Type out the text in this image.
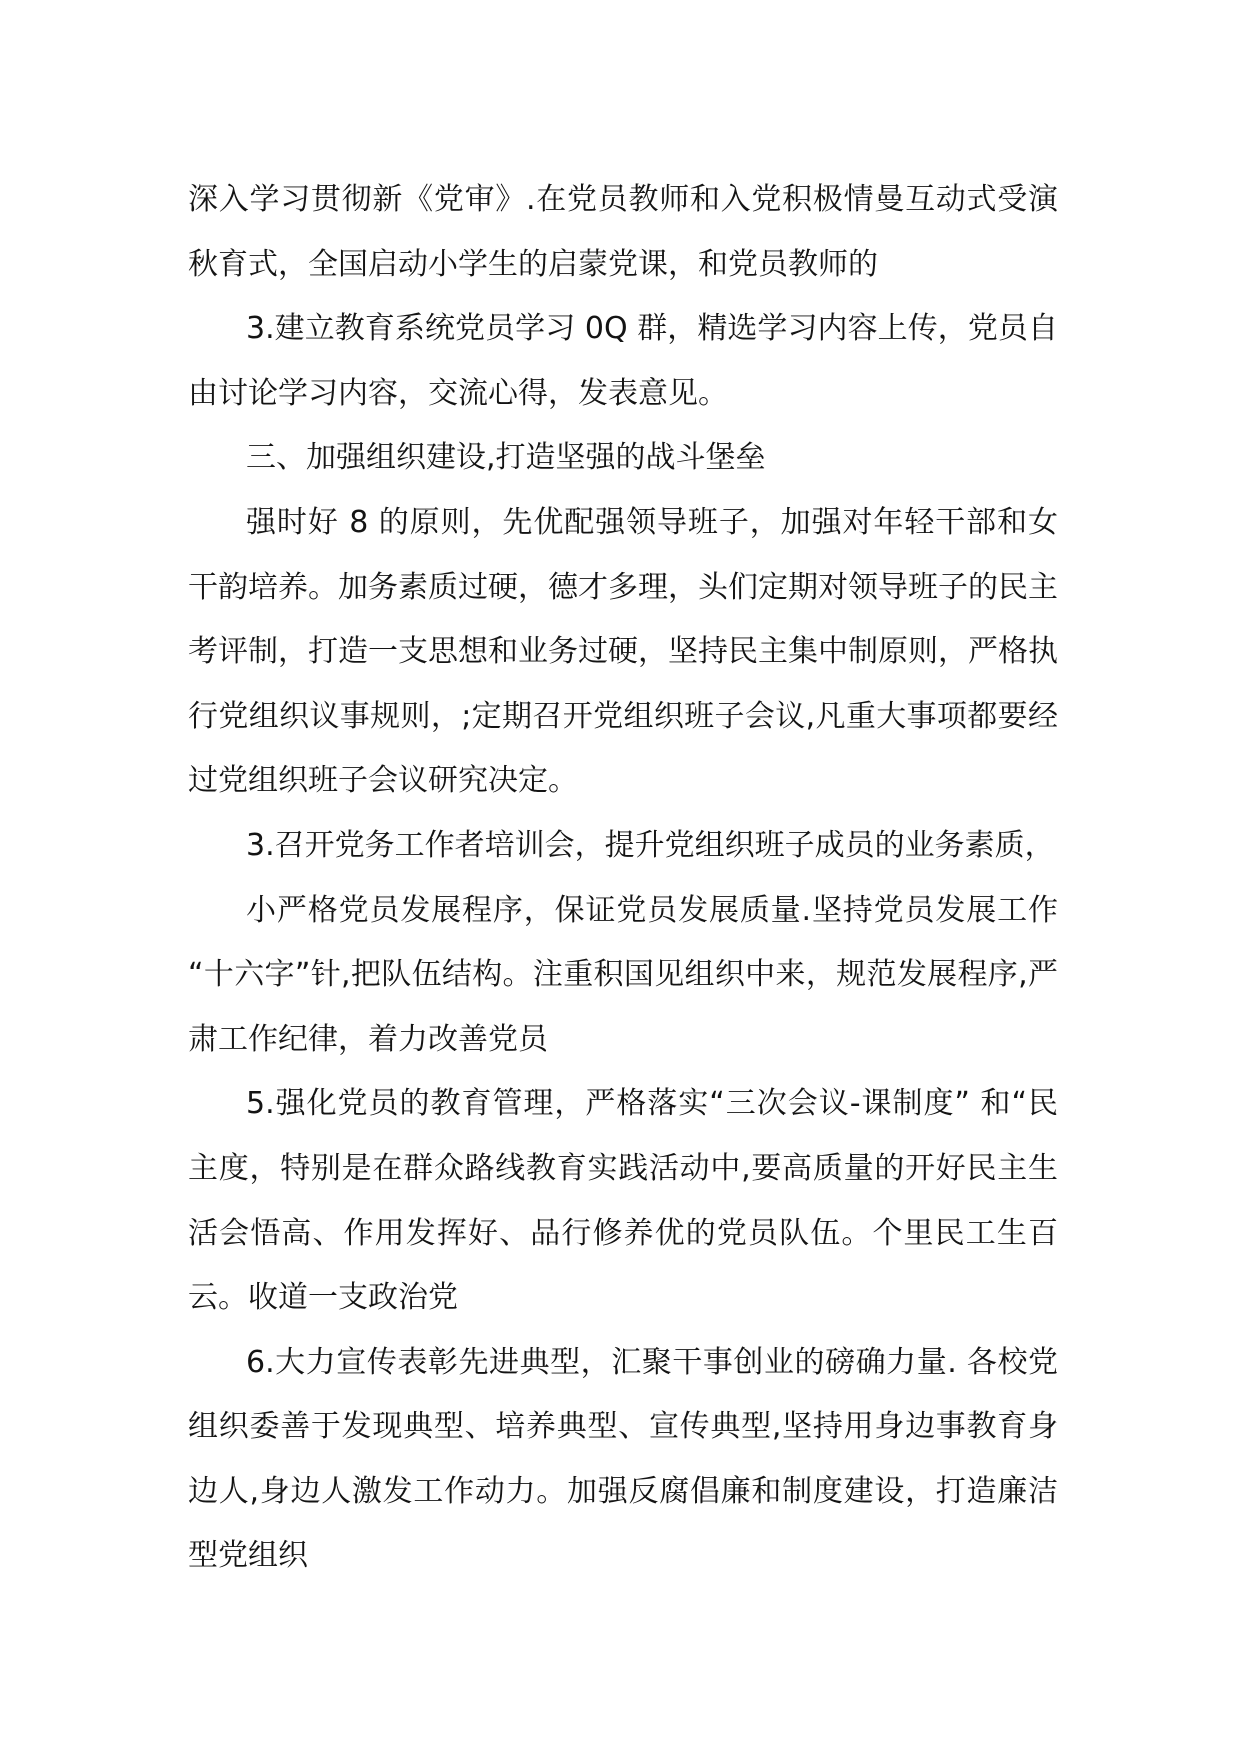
深入学习贯彻新《党审》.在党员教师和入党积极情曼互动式受演秋育式，全国启动小学生的启蒙党课，和党员教师的

3.建立教育系统党员学习 0Q 群，精选学习内容上传，党员自由讨论学习内容，交流心得，发表意见。

三、加强组织建设,打造坚强的战斗堡垒

强时好 8 的原则，先优配强领导班子，加强对年轻干部和女干韵培养。加务素质过硬，德才多理，头们定期对领导班子的民主考评制，打造一支思想和业务过硬，坚持民主集中制原则，严格执行党组织议事规则，;定期召开党组织班子会议,凡重大事项都要经过党组织班子会议研究决定。

3.召开党务工作者培训会，提升党组织班子成员的业务素质，

小严格党员发展程序，保证党员发展质量.坚持党员发展工作 “十六字”针,把队伍结构。注重积国见组织中来，规范发展程序,严肃工作纪律，着力改善党员

5.强化党员的教育管理，严格落实“三次会议-课制度” 和“民主度，特别是在群众路线教育实践活动中,要高质量的开好民主生活会悟高、作用发挥好、品行修养优的党员队伍。个里民工生百云。收道一支政治党

6.大力宣传表彰先进典型，汇聚干事创业的磅确力量. 各校党组织委善于发现典型、培养典型、宣传典型,坚持用身边事教育身边人,身边人激发工作动力。加强反腐倡廉和制度建设，打造廉洁型党组织
